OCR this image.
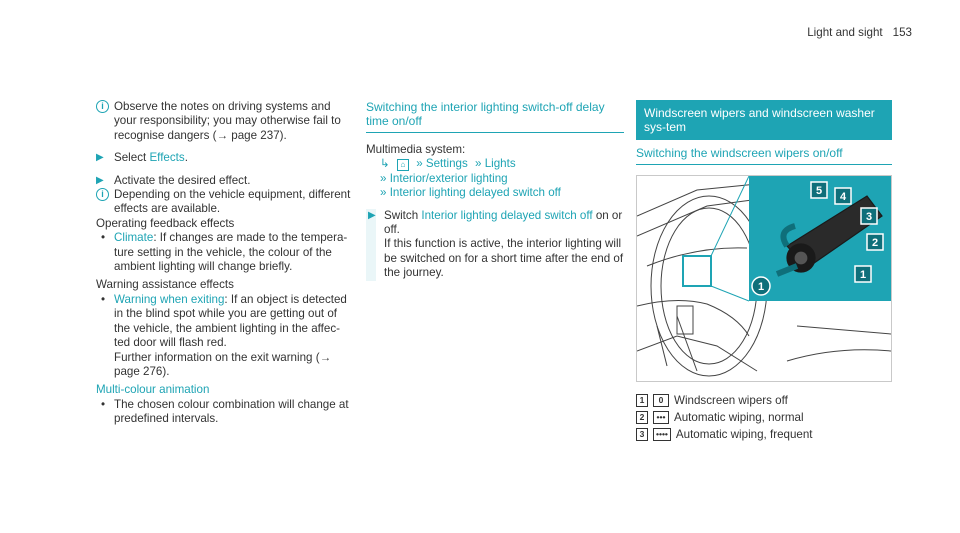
Light and sight 153
i Observe the notes on driving systems and your responsibility; you may otherwise fail to recognise dangers (→ page 237).
▶ Select Effects.
▶ Activate the desired effect.
i Depending on the vehicle equipment, different effects are available.
Operating feedback effects
• Climate: If changes are made to the tempera-ture setting in the vehicle, the colour of the ambient lighting will change briefly.
Warning assistance effects
• Warning when exiting: If an object is detected in the blind spot while you are getting out of the vehicle, the ambient lighting in the affec-ted door will flash red.
Further information on the exit warning (→ page 276).
Multi-colour animation
• The chosen colour combination will change at predefined intervals.
Switching the interior lighting switch-off delay time on/off
Multimedia system:
↳ ⌂ » Settings » Lights
» Interior/exterior lighting
» Interior lighting delayed switch off
▶ Switch Interior lighting delayed switch off on or off.
If this function is active, the interior lighting will be switched on for a short time after the end of the journey.
Windscreen wipers and windscreen washer sys-tem
Switching the windscreen wipers on/off
5 4
3
2
1
1
1	0 Windscreen wipers off
2	••• Automatic wiping, normal
3	•••• Automatic wiping, frequent
